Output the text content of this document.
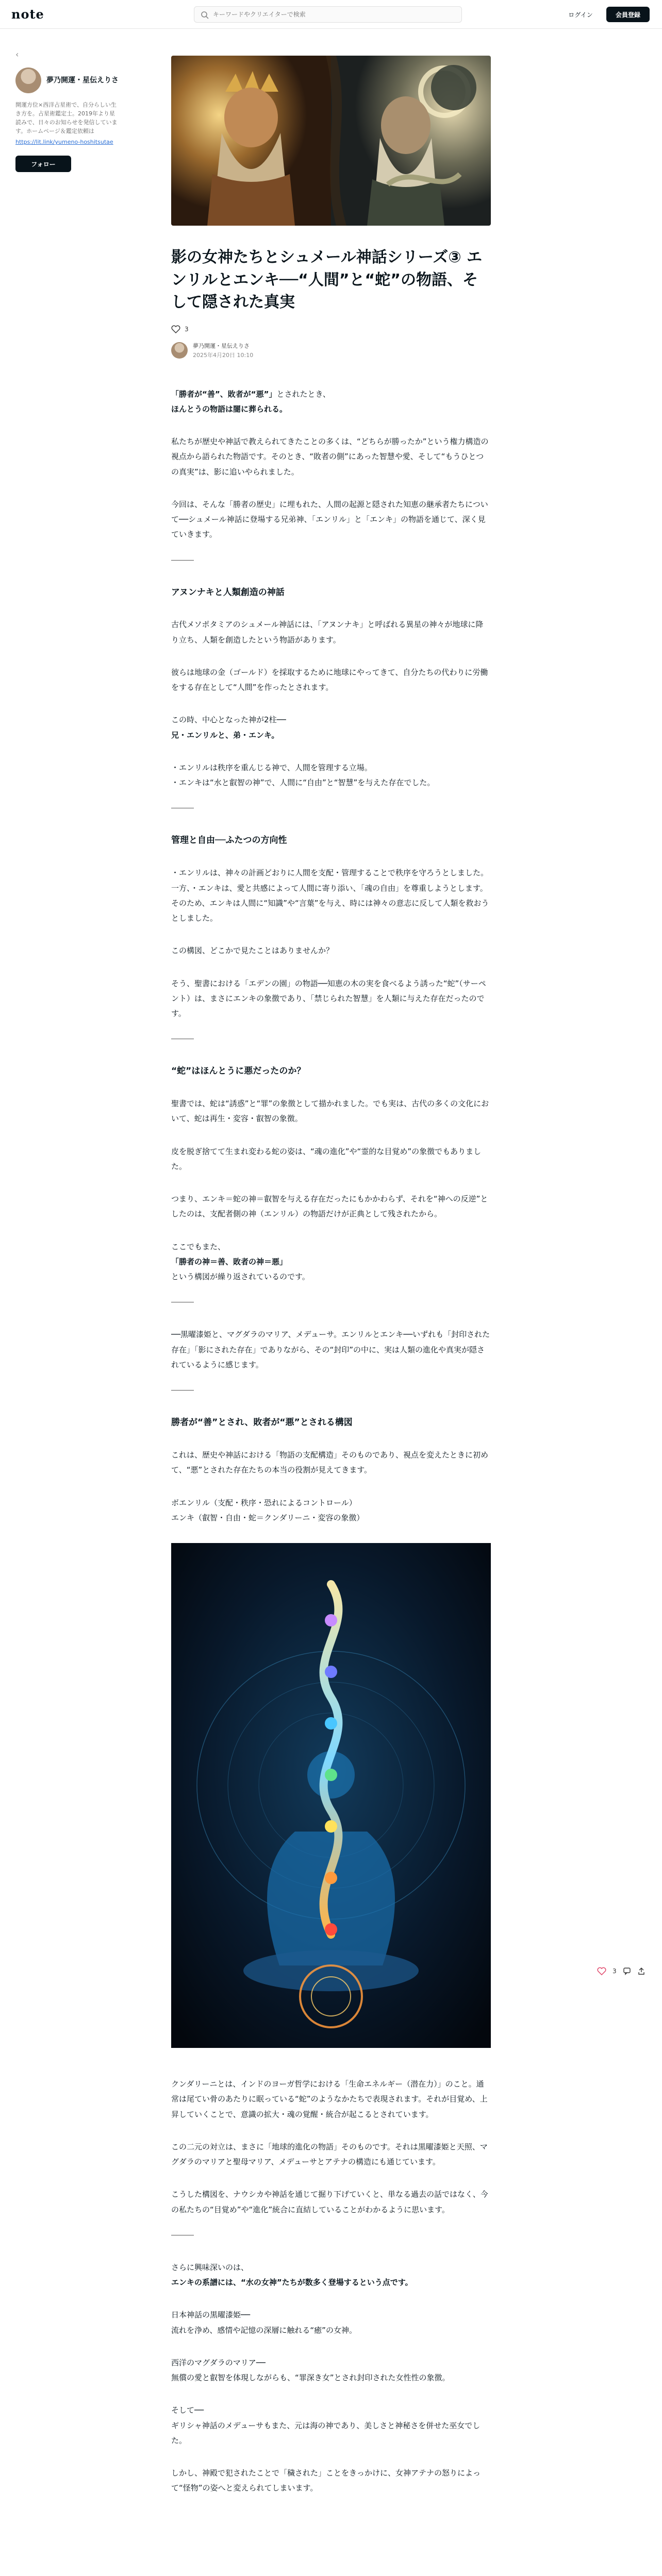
note
キーワードやクリエイターで検索	ログイン	会員登録
‹
夢乃開運・星伝えりさ
開運方位×西洋占星術で、自分らしい生き方を。占星術鑑定士。2019年より星読みで、日々のお知らせを発信しています。ホームページ＆鑑定依頼は
https://lit.link/yumeno-hoshitsutae
フォロー
影の女神たちとシュメール神話シリーズ③ エンリルとエンキ──“人間”と“蛇”の物語、そして隠された真実
3
夢乃開運・星伝えりさ
2025年4月20日 10:10

「勝者が“善”、敗者が“悪”」とされたとき、
ほんとうの物語は闇に葬られる。

私たちが歴史や神話で教えられてきたことの多くは、“どちらが勝ったか”という権力構造の視点から語られた物語です。そのとき、“敗者の側”にあった智慧や愛、そして“もうひとつの真実”は、影に追いやられました。

今回は、そんな「勝者の歴史」に埋もれた、人間の起源と隠された知恵の継承者たちについて──シュメール神話に登場する兄弟神、「エンリル」と「エンキ」の物語を通じて、深く見ていきます。

アヌンナキと人類創造の神話

古代メソポタミアのシュメール神話には、「アヌンナキ」と呼ばれる異星の神々が地球に降り立ち、人類を創造したという物語があります。

彼らは地球の金（ゴールド）を採取するために地球にやってきて、自分たちの代わりに労働をする存在として“人間”を作ったとされます。

この時、中心となった神が2柱──
兄・エンリルと、弟・エンキ。

・エンリルは秩序を重んじる神で、人間を管理する立場。
・エンキは“水と叡智の神”で、人間に“自由”と“智慧”を与えた存在でした。

管理と自由──ふたつの方向性

・エンリルは、神々の計画どおりに人間を支配・管理することで秩序を守ろうとしました。一方、・エンキは、愛と共感によって人間に寄り添い、「魂の自由」を尊重しようとします。そのため、エンキは人間に“知識”や“言葉”を与え、時には神々の意志に反して人類を救おうとしました。

この構図、どこかで見たことはありませんか？

そう、聖書における「エデンの園」の物語──知恵の木の実を食べるよう誘った“蛇”（サーペント）は、まさにエンキの象徴であり、「禁じられた智慧」を人類に与えた存在だったのです。

“蛇”はほんとうに悪だったのか？

聖書では、蛇は“誘惑”と“罪”の象徴として描かれました。でも実は、古代の多くの文化において、蛇は再生・変容・叡智の象徴。

皮を脱ぎ捨てて生まれ変わる蛇の姿は、“魂の進化”や“霊的な目覚め”の象徴でもありました。

つまり、エンキ＝蛇の神＝叡智を与える存在だったにもかかわらず、それを“神への反逆”としたのは、支配者側の神（エンリル）の物語だけが正典として残されたから。

ここでもまた、
「勝者の神＝善、敗者の神＝悪」
という構図が繰り返されているのです。

──黒曜漆姫と、マグダラのマリア、メデューサ。エンリルとエンキ──いずれも「封印された存在」「影にされた存在」でありながら、その“封印”の中に、実は人類の進化や真実が隠されているように感じます。

勝者が“善”とされ、敗者が“悪”とされる構図

これは、歴史や神話における「物語の支配構造」そのものであり、視点を変えたときに初めて、“悪”とされた存在たちの本当の役割が見えてきます。

ボエンリル（支配・秩序・恐れによるコントロール）
エンキ（叡智・自由・蛇＝クンダリーニ・変容の象徴）

クンダリーニとは、インドのヨーガ哲学における「生命エネルギー（潜在力）」のこと。通常は尾てい骨のあたりに眠っている“蛇”のようなかたちで表現されます。それが目覚め、上昇していくことで、意識の拡大・魂の覚醒・統合が起こるとされています。

この二元の対立は、まさに「地球的進化の物語」そのものです。それは黒曜漆姫と天照、マグダラのマリアと聖母マリア、メデューサとアテナの構造にも通じています。

こうした構図を、ナウシカや神話を通じて掘り下げていくと、単なる過去の話ではなく、今の私たちの“目覚め”や“進化”統合に直結していることがわかるように思います。

さらに興味深いのは、
エンキの系譜には、“水の女神”たちが数多く登場するという点です。

日本神話の黒曜漆姫──
流れを浄め、感情や記憶の深層に触れる“癒”の女神。

西洋のマグダラのマリア──
無償の愛と叡智を体現しながらも、“罪深き女”とされ封印された女性性の象徴。

そして──
ギリシャ神話のメデューサもまた、元は海の神であり、美しさと神秘さを併せた巫女でした。

しかし、神殿で犯されたことで「穢された」ことをきっかけに、女神アテナの怒りによって“怪物”の姿へと変えられてしまいます。

3
